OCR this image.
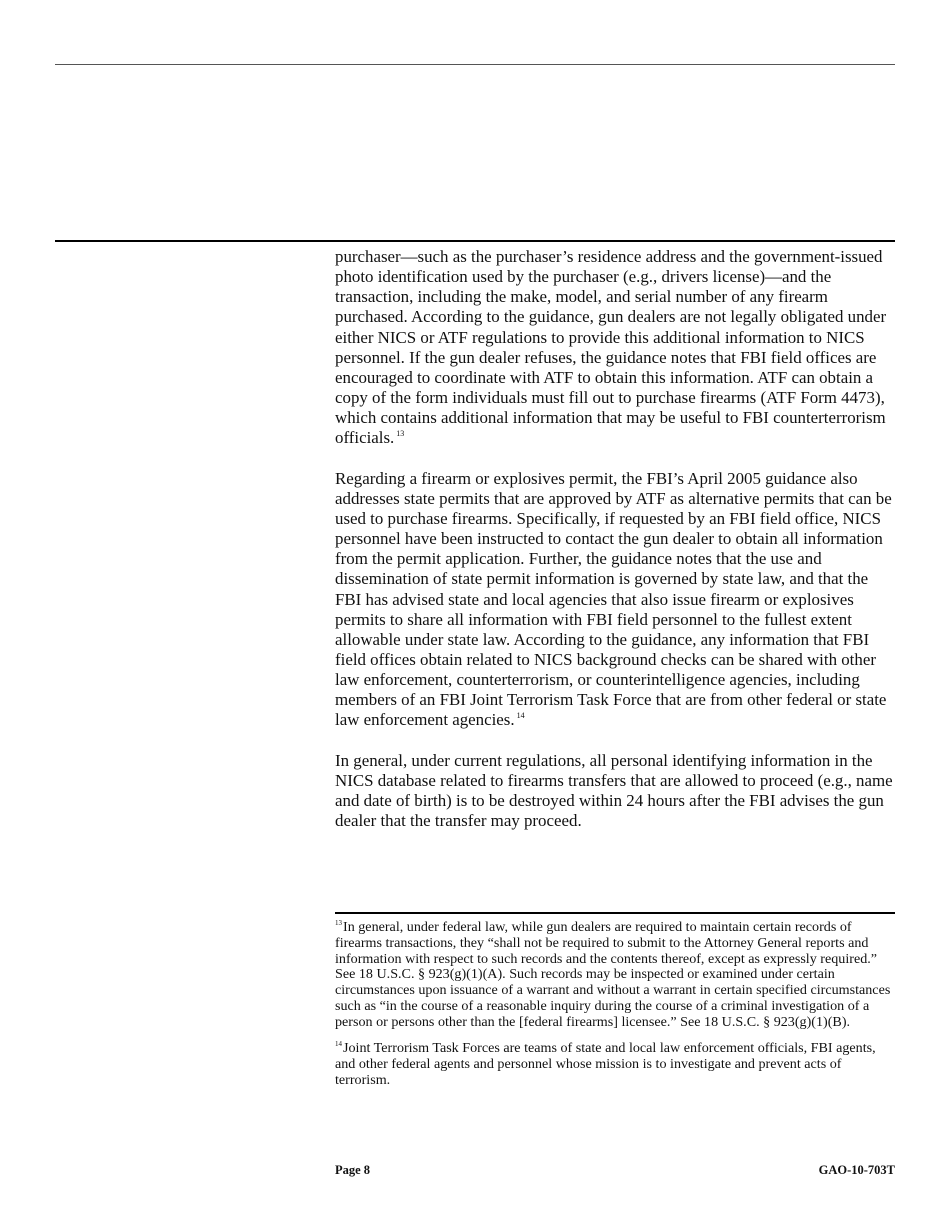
purchaser—such as the purchaser’s residence address and the government-issued photo identification used by the purchaser (e.g., drivers license)—and the transaction, including the make, model, and serial number of any firearm purchased. According to the guidance, gun dealers are not legally obligated under either NICS or ATF regulations to provide this additional information to NICS personnel. If the gun dealer refuses, the guidance notes that FBI field offices are encouraged to coordinate with ATF to obtain this information. ATF can obtain a copy of the form individuals must fill out to purchase firearms (ATF Form 4473), which contains additional information that may be useful to FBI counterterrorism officials. $^{13}$

Regarding a firearm or explosives permit, the FBI’s April 2005 guidance also addresses state permits that are approved by ATF as alternative permits that can be used to purchase firearms. Specifically, if requested by an FBI field office, NICS personnel have been instructed to contact the gun dealer to obtain all information from the permit application. Further, the guidance notes that the use and dissemination of state permit information is governed by state law, and that the FBI has advised state and local agencies that also issue firearm or explosives permits to share all information with FBI field personnel to the fullest extent allowable under state law. According to the guidance, any information that FBI field offices obtain related to NICS background checks can be shared with other law enforcement, counterterrorism, or counterintelligence agencies, including members of an FBI Joint Terrorism Task Force that are from other federal or state law enforcement agencies. $^{14}$

In general, under current regulations, all personal identifying information in the NICS database related to firearms transfers that are allowed to proceed (e.g., name and date of birth) is to be destroyed within 24 hours after the FBI advises the gun dealer that the transfer may proceed.

$^{13}$In general, under federal law, while gun dealers are required to maintain certain records of firearms transactions, they “shall not be required to submit to the Attorney General reports and information with respect to such records and the contents thereof, except as expressly required.” See 18 U.S.C. § 923(g)(1)(A). Such records may be inspected or examined under certain circumstances upon issuance of a warrant and without a warrant in certain specified circumstances such as “in the course of a reasonable inquiry during the course of a criminal investigation of a person or persons other than the [federal firearms] licensee.” See 18 U.S.C. § 923(g)(1)(B).

$^{14}$Joint Terrorism Task Forces are teams of state and local law enforcement officials, FBI agents, and other federal agents and personnel whose mission is to investigate and prevent acts of terrorism.

Page 8	GAO-10-703T
